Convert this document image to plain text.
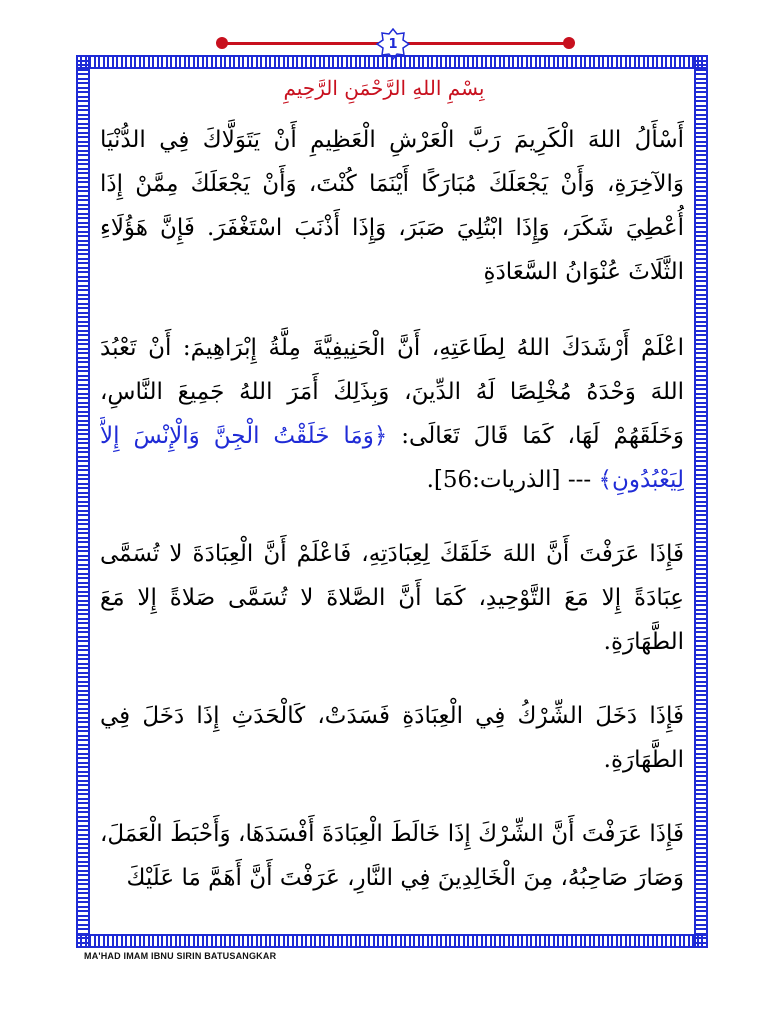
1
بِسْمِ اللهِ الرَّحْمَنِ الرَّحِيمِ

أَسْأَلُ اللهَ الْكَرِيمَ رَبَّ الْعَرْشِ الْعَظِيمِ أَنْ يَتَوَلَّاكَ فِي الدُّنْيَا وَالآخِرَةِ، وَأَنْ يَجْعَلَكَ مُبَارَكًا أَيْنَمَا كُنْتَ، وَأَنْ يَجْعَلَكَ مِمَّنْ إِذَا أُعْطِيَ شَكَرَ، وَإِذَا ابْتُلِيَ صَبَرَ، وَإِذَا أَذْنَبَ اسْتَغْفَرَ. فَإِنَّ هَؤُلَاءِ الثَّلَاثَ عُنْوَانُ السَّعَادَةِ

اعْلَمْ أَرْشَدَكَ اللهُ لِطَاعَتِهِ، أَنَّ الْحَنِيفِيَّةَ مِلَّةُ إِبْرَاهِيمَ: أَنْ تَعْبُدَ اللهَ وَحْدَهُ مُخْلِصًا لَهُ الدِّينَ، وَبِذَلِكَ أَمَرَ اللهُ جَمِيعَ النَّاسِ، وَخَلَقَهُمْ لَهَا، كَمَا قَالَ تَعَالَى: ﴿وَمَا خَلَقْتُ الْجِنَّ وَالْإِنْسَ إِلاَّ لِيَعْبُدُونِ﴾ --- [الذريات:56].

فَإِذَا عَرَفْتَ أَنَّ اللهَ خَلَقَكَ لِعِبَادَتِهِ، فَاعْلَمْ أَنَّ الْعِبَادَةَ لا تُسَمَّى عِبَادَةً إِلا مَعَ التَّوْحِيدِ، كَمَا أَنَّ الصَّلاةَ لا تُسَمَّى صَلاةً إِلا مَعَ الطَّهَارَةِ.

فَإِذَا دَخَلَ الشِّرْكُ فِي الْعِبَادَةِ فَسَدَتْ، كَالْحَدَثِ إِذَا دَخَلَ فِي الطَّهَارَةِ.

فَإِذَا عَرَفْتَ أَنَّ الشِّرْكَ إِذَا خَالَطَ الْعِبَادَةَ أَفْسَدَهَا، وَأَحْبَطَ الْعَمَلَ، وَصَارَ صَاحِبُهُ، مِنَ الْخَالِدِينَ فِي النَّارِ، عَرَفْتَ أَنَّ أَهَمَّ مَا عَلَيْكَ

MA'HAD IMAM IBNU SIRIN BATUSANGKAR
